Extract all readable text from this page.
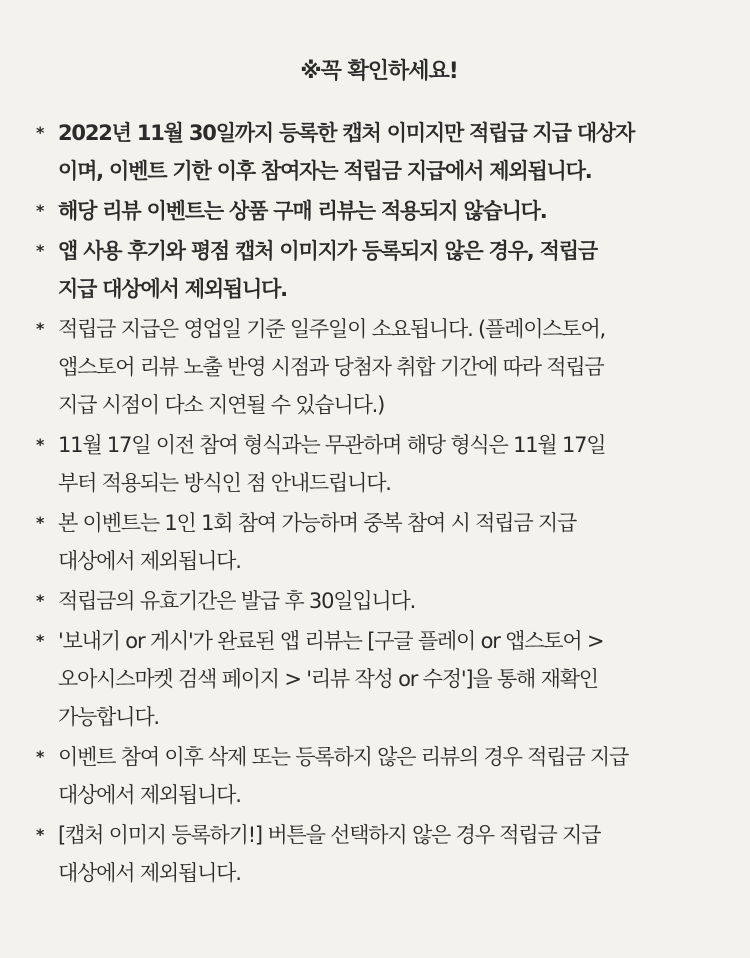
※꼭 확인하세요!
* 2022년 11월 30일까지 등록한 캡처 이미지만 적립급 지급 대상자
이며, 이벤트 기한 이후 참여자는 적립금 지급에서 제외됩니다.
* 해당 리뷰 이벤트는 상품 구매 리뷰는 적용되지 않습니다.
* 앱 사용 후기와 평점 캡처 이미지가 등록되지 않은 경우, 적립금
지급 대상에서 제외됩니다.
* 적립금 지급은 영업일 기준 일주일이 소요됩니다. (플레이스토어,
앱스토어 리뷰 노출 반영 시점과 당첨자 취합 기간에 따라 적립금
지급 시점이 다소 지연될 수 있습니다.)
* 11월 17일 이전 참여 형식과는 무관하며 해당 형식은 11월 17일
부터 적용되는 방식인 점 안내드립니다.
* 본 이벤트는 1인 1회 참여 가능하며 중복 참여 시 적립금 지급
대상에서 제외됩니다.
* 적립금의 유효기간은 발급 후 30일입니다.
* '보내기 or 게시'가 완료된 앱 리뷰는 [구글 플레이 or 앱스토어 >
오아시스마켓 검색 페이지 > '리뷰 작성 or 수정']을 통해 재확인
가능합니다.
* 이벤트 참여 이후 삭제 또는 등록하지 않은 리뷰의 경우 적립금 지급
대상에서 제외됩니다.
* [캡처 이미지 등록하기!] 버튼을 선택하지 않은 경우 적립금 지급
대상에서 제외됩니다.
